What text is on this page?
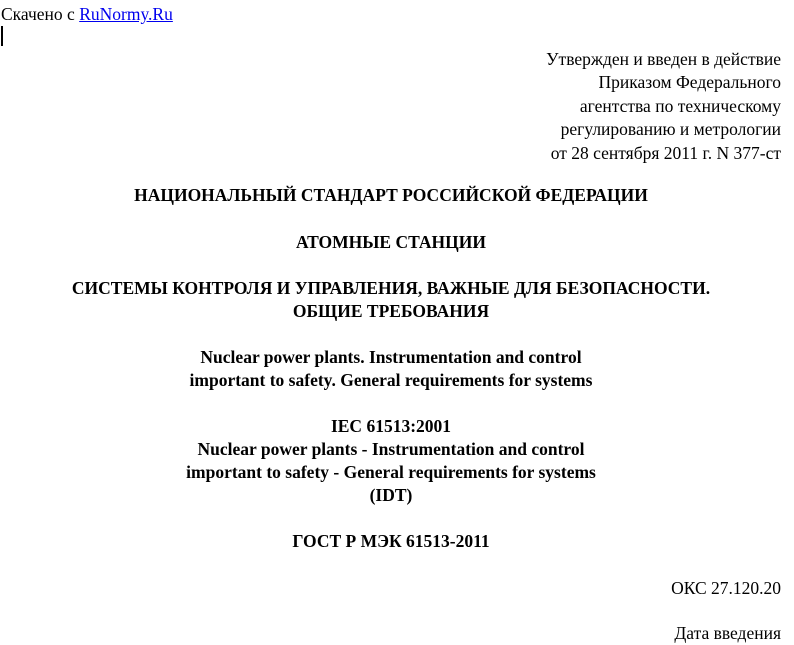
Скачено с RuNormy.Ru
Утвержден и введен в действие
Приказом Федерального
агентства по техническому
регулированию и метрологии
от 28 сентября 2011 г. N 377-ст
НАЦИОНАЛЬНЫЙ СТАНДАРТ РОССИЙСКОЙ ФЕДЕРАЦИИ
АТОМНЫЕ СТАНЦИИ
СИСТЕМЫ КОНТРОЛЯ И УПРАВЛЕНИЯ, ВАЖНЫЕ ДЛЯ БЕЗОПАСНОСТИ.
ОБЩИЕ ТРЕБОВАНИЯ
Nuclear power plants. Instrumentation and control
important to safety. General requirements for systems
IEC 61513:2001
Nuclear power plants - Instrumentation and control
important to safety - General requirements for systems
(IDT)
ГОСТ Р МЭК 61513-2011
ОКС 27.120.20
Дата введения
